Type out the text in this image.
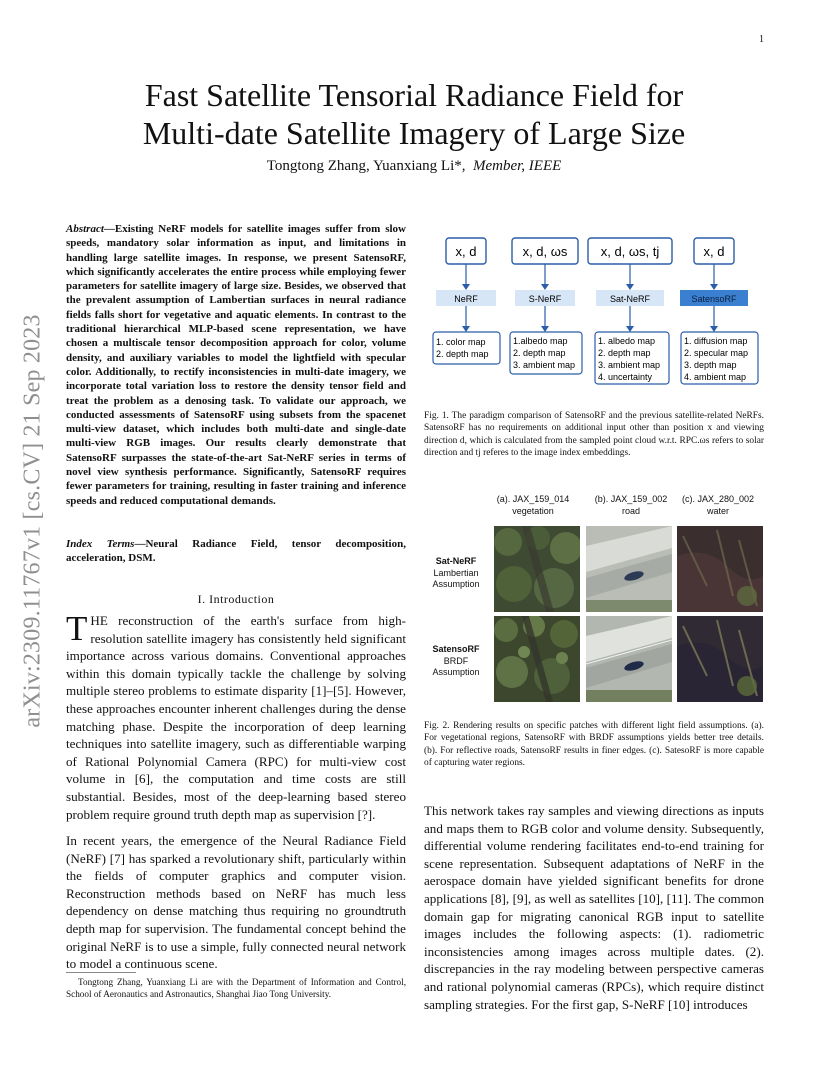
1
arXiv:2309.11767v1 [cs.CV] 21 Sep 2023
Fast Satellite Tensorial Radiance Field for
Multi-date Satellite Imagery of Large Size
Tongtong Zhang, Yuanxiang Li*, Member, IEEE
Abstract—Existing NeRF models for satellite images suffer from slow speeds, mandatory solar information as input, and limitations in handling large satellite images. In response, we present SatensoRF, which significantly accelerates the entire process while employing fewer parameters for satellite imagery of large size. Besides, we observed that the prevalent assumption of Lambertian surfaces in neural radiance fields falls short for vegetative and aquatic elements. In contrast to the traditional hierarchical MLP-based scene representation, we have chosen a multiscale tensor decomposition approach for color, volume density, and auxiliary variables to model the lightfield with specular color. Additionally, to rectify inconsistencies in multi-date imagery, we incorporate total variation loss to restore the density tensor field and treat the problem as a denosing task. To validate our approach, we conducted assessments of SatensoRF using subsets from the spacenet multi-view dataset, which includes both multi-date and single-date multi-view RGB images. Our results clearly demonstrate that SatensoRF surpasses the state-of-the-art Sat-NeRF series in terms of novel view synthesis performance. Significantly, SatensoRF requires fewer parameters for training, resulting in faster training and inference speeds and reduced computational demands.
Index Terms—Neural Radiance Field, tensor decomposition, acceleration, DSM.
I. Introduction
THE reconstruction of the earth's surface from high-resolution satellite imagery has consistently held significant importance across various domains. Conventional approaches within this domain typically tackle the challenge by solving multiple stereo problems to estimate disparity [1]–[5]. However, these approaches encounter inherent challenges during the dense matching phase. Despite the incorporation of deep learning techniques into satellite imagery, such as differentiable warping of Rational Polynomial Camera (RPC) for multi-view cost volume in [6], the computation and time costs are still substantial. Besides, most of the deep-learning based stereo problem require ground truth depth map as supervision [?].
In recent years, the emergence of the Neural Radiance Field (NeRF) [7] has sparked a revolutionary shift, particularly within the fields of computer graphics and computer vision. Reconstruction methods based on NeRF has much less dependency on dense matching thus requiring no groundtruth depth map for supervision. The fundamental concept behind the original NeRF is to use a simple, fully connected neural network to model a continuous scene.
Tongtong Zhang, Yuanxiang Li are with the Department of Information and Control, School of Aeronautics and Astronautics, Shanghai Jiao Tong University.
x, d
NeRF
1. color map
2. depth map
x, d, ωs
S-NeRF
1.albedo map
2. depth map
3. ambient map
x, d, ωs, tj
Sat-NeRF
1. albedo map
2. depth map
3. ambient map
4. uncertainty
x, d
SatensoRF
1. diffusion map
2. specular map
3. depth map
4. ambient map
Fig. 1. The paradigm comparison of SatensoRF and the previous satellite-related NeRFs. SatensoRF has no requirements on additional input other than position x and viewing direction d, which is calculated from the sampled point cloud w.r.t. RPC.ωs refers to solar direction and tj referes to the image index embeddings.
(a). JAX_159_014
vegetation
(b). JAX_159_002
road
(c). JAX_280_002
water
Sat-NeRF
Lambertian
Assumption
SatensoRF
BRDF
Assumption
Fig. 2. Rendering results on specific patches with different light field assumptions. (a). For vegetational regions, SatensoRF with BRDF assumptions yields better tree details. (b). For reflective roads, SatensoRF results in finer edges. (c). SatesoRF is more capable of capturing water regions.
This network takes ray samples and viewing directions as inputs and maps them to RGB color and volume density. Subsequently, differential volume rendering facilitates end-to-end training for scene representation. Subsequent adaptations of NeRF in the aerospace domain have yielded significant benefits for drone applications [8], [9], as well as satellites [10], [11]. The common domain gap for migrating canonical RGB input to satellite images includes the following aspects: (1). radiometric inconsistencies among images across multiple dates. (2). discrepancies in the ray modeling between perspective cameras and rational polynomial cameras (RPCs), which require distinct sampling strategies. For the first gap, S-NeRF [10] introduces
